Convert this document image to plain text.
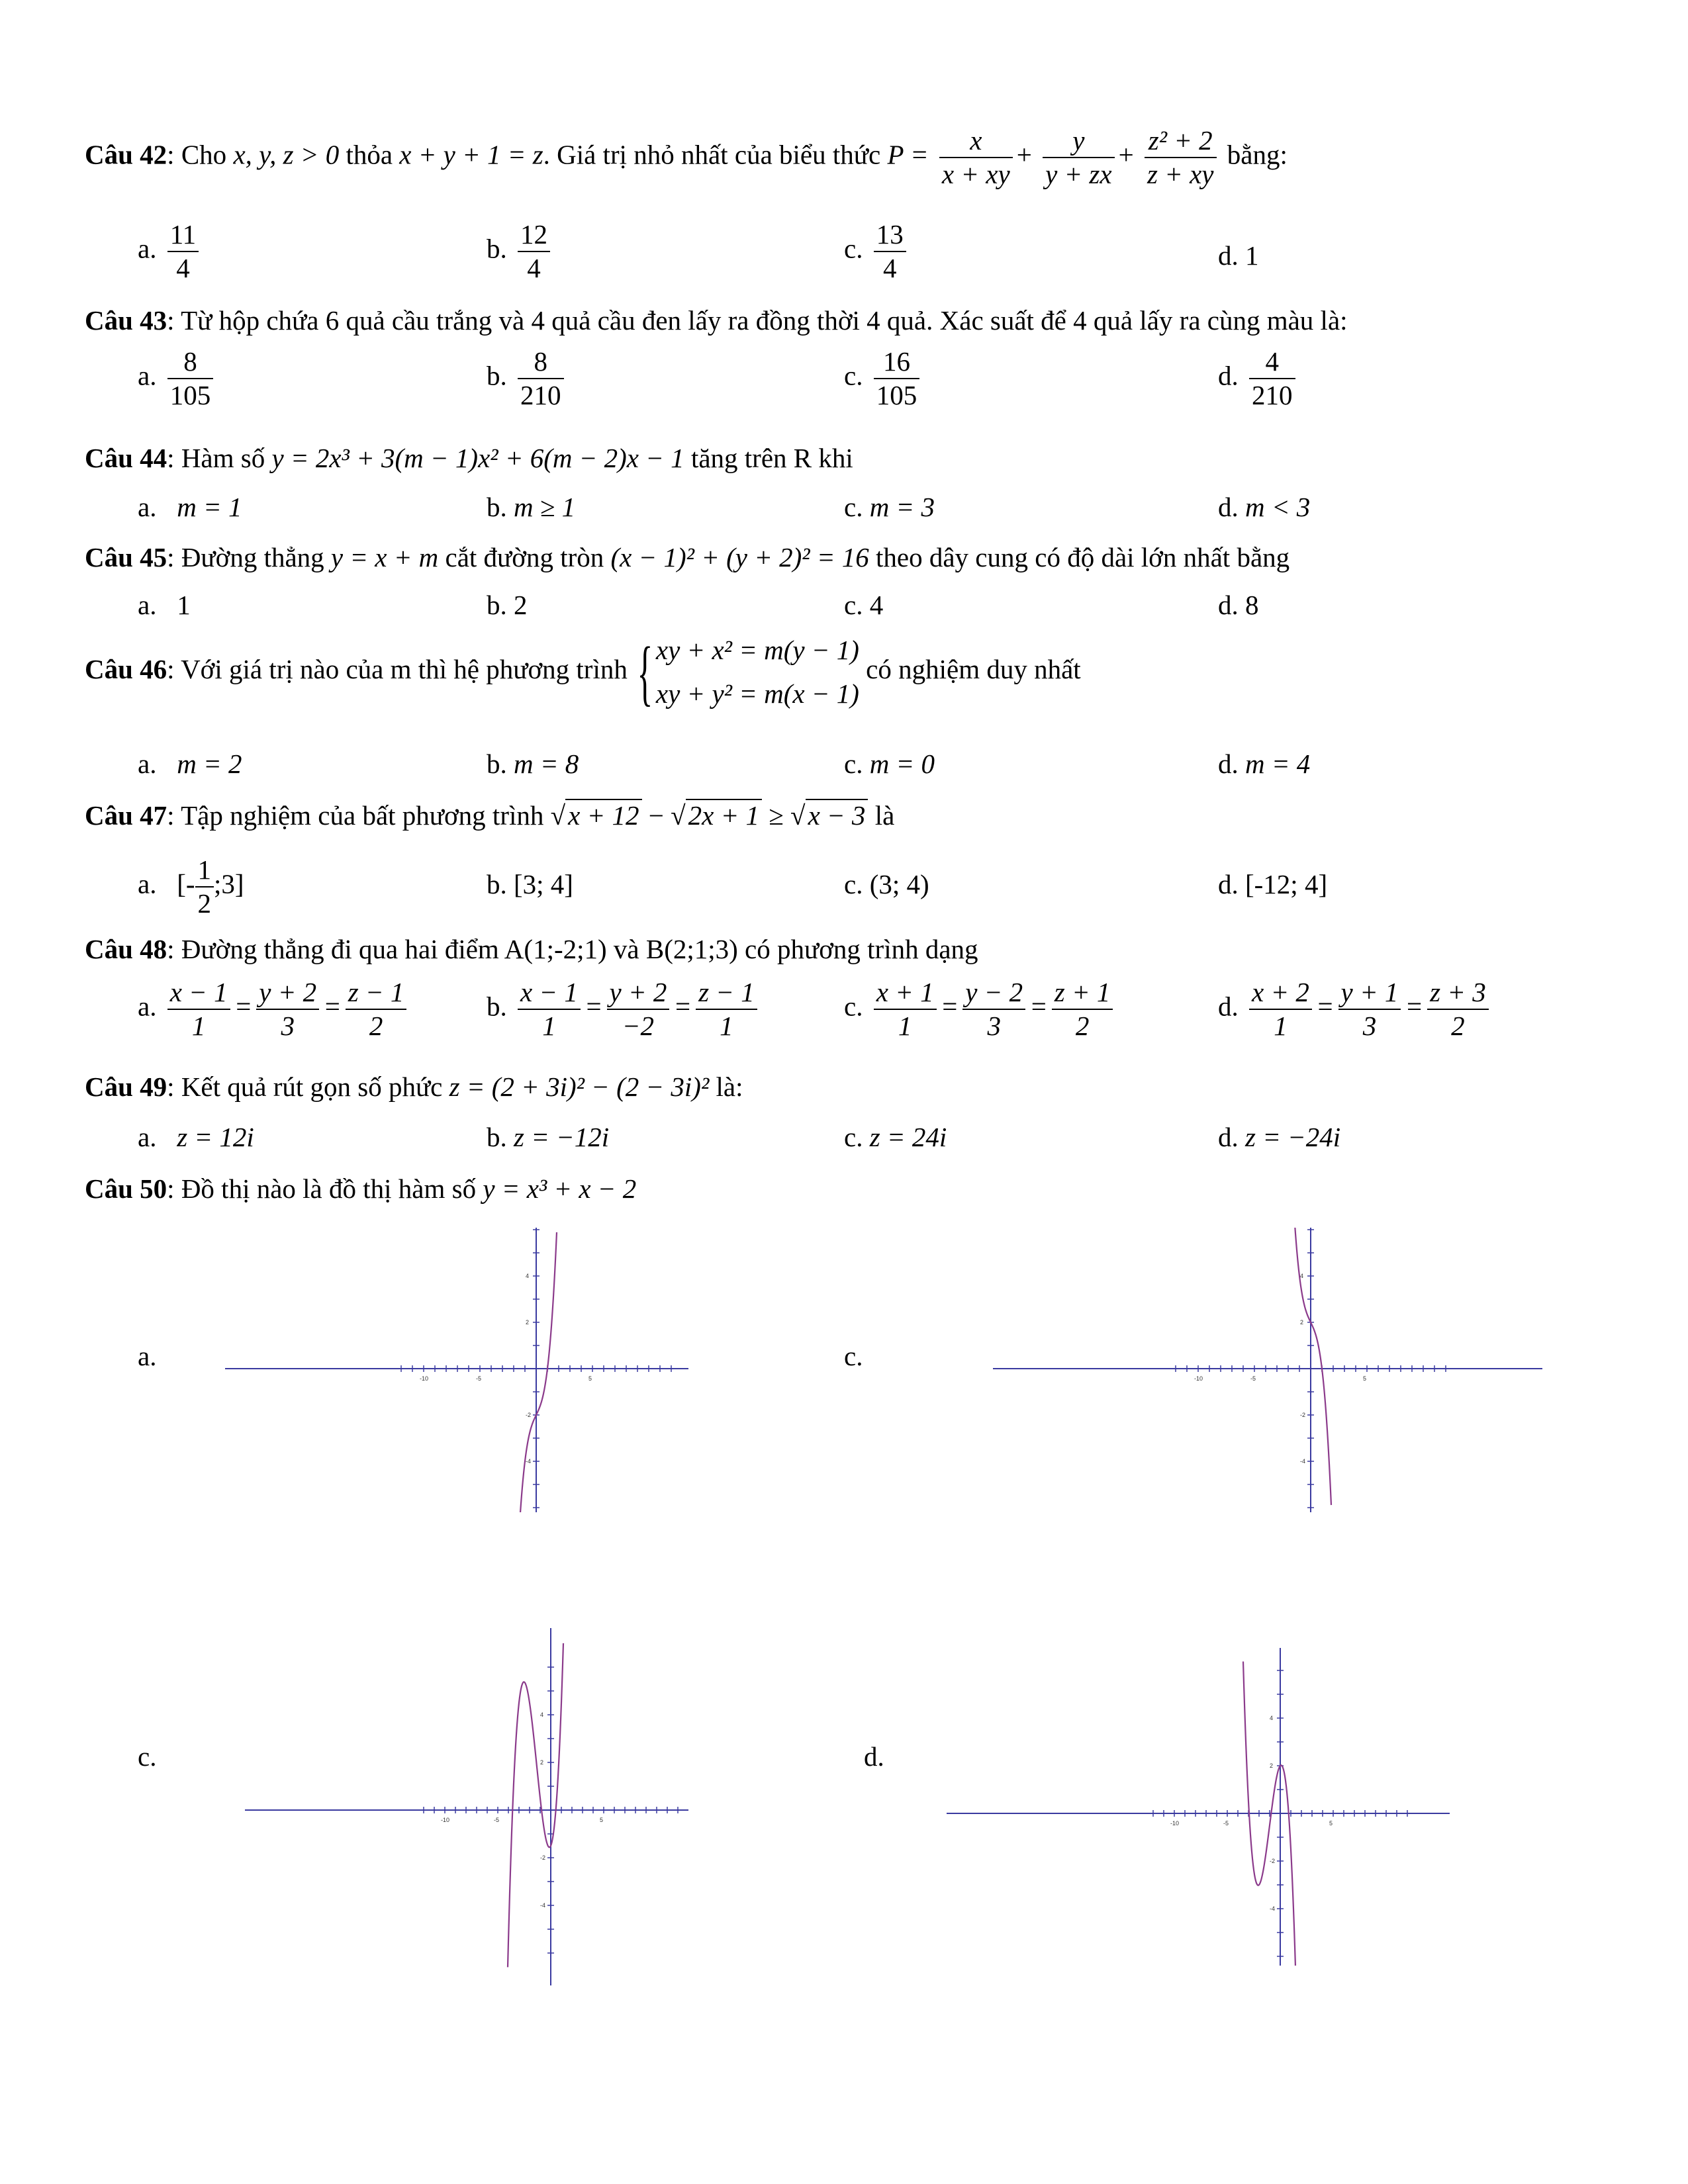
Câu 42: Cho x, y, z > 0 thỏa x + y + 1 = z. Giá trị nhỏ nhất của biểu thức $P = \frac{x}{x + xy} + \frac{y}{y + zx} + \frac{\text{z² + 2}}{z + xy}$ bằng:
a. $\frac{11}{4}$	b. $\frac{12}{4}$	c. $\frac{13}{4}$	d. 1
Câu 43: Từ hộp chứa 6 quả cầu trắng và 4 quả cầu đen lấy ra đồng thời 4 quả. Xác suất để 4 quả lấy ra cùng màu là:
a. $\frac{8}{105}$	b. $\frac{8}{210}$	c. $\frac{16}{105}$	d. $\frac{4}{210}$
Câu 44: Hàm số y = 2x³ + 3(m − 1)x² + 6(m − 2)x − 1 tăng trên R khi
a. m = 1	b. m ≥ 1	c. m = 3	d. m < 3
Câu 45: Đường thẳng y = x + m cắt đường tròn (x − 1)² + (y + 2)² = 16 theo dây cung có độ dài lớn nhất bằng
a. 1	b. 2	c. 4	d. 8
Câu 46: Với giá trị nào của m thì hệ phương trình { xy + x² = m(y − 1)
xy + y² = m(x − 1) có nghiệm duy nhất
a. m = 2	b. m = 8	c. m = 0	d. m = 4
Câu 47: Tập nghiệm của bất phương trình √x + 12 − √2x + 1 ≥ √x − 3 là
a. [- $\frac{1}{2}$ ;3]	b. [3; 4]	c. (3; 4)	d. [-12; 4]
Câu 48: Đường thẳng đi qua hai điểm A(1;-2;1) và B(2;1;3) có phương trình dạng
a. $\frac{x - 1}{1} = \frac{y + 2}{3} = \frac{z - 1}{2}$	b. $\frac{x - 1}{1} = \frac{y + 2}{-2} = \frac{z - 1}{1}$	c. $\frac{x + 1}{1} = \frac{y - 2}{3} = \frac{z + 1}{2}$	d. $\frac{x + 2}{1} = \frac{y + 1}{3} = \frac{z + 3}{2}$
Câu 49: Kết quả rút gọn số phức z = (2 + 3i)² − (2 − 3i)² là:
a. z = 12i	b. z = −12i	c. z = 24i	d. z = −24i
Câu 50: Đồ thị nào là đồ thị hàm số y = x³ + x − 2
a.	c.
c.	d.
-10	-5	5
4
2
-2
-4
-10	-5	5
4
2
-2
-4
-10	-5	5
4
2
-2
-4
-10	-5	5
4
2
-2
-4
